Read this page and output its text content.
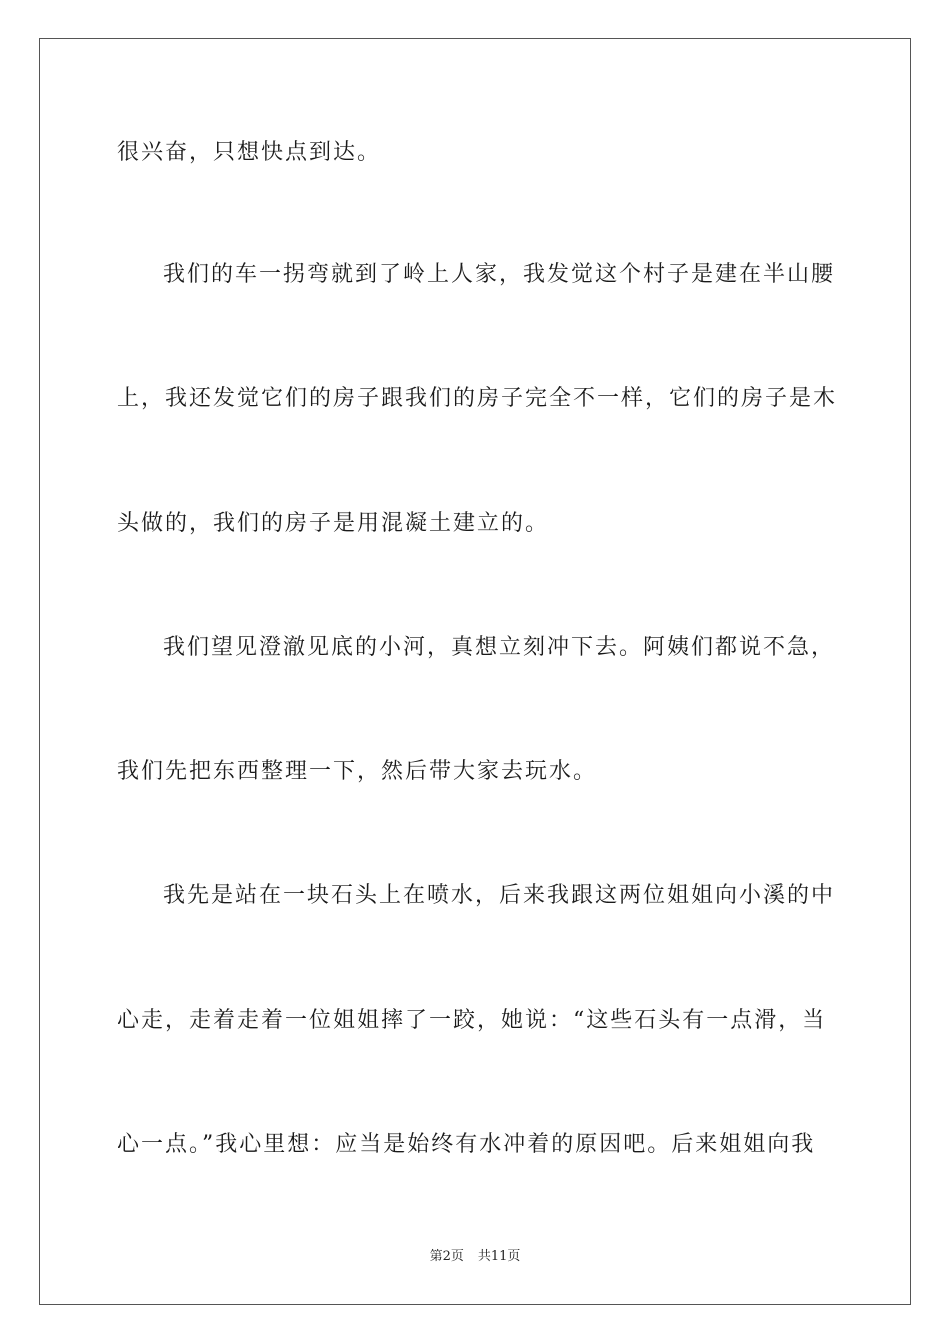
很兴奋，只想快点到达。
我们的车一拐弯就到了岭上人家，我发觉这个村子是建在半山腰
上，我还发觉它们的房子跟我们的房子完全不一样，它们的房子是木
头做的，我们的房子是用混凝土建立的。
我们望见澄澈见底的小河，真想立刻冲下去。阿姨们都说不急，
我们先把东西整理一下，然后带大家去玩水。
我先是站在一块石头上在喷水，后来我跟这两位姐姐向小溪的中
心走，走着走着一位姐姐摔了一跤，她说：“这些石头有一点滑，当
心一点。”我心里想：应当是始终有水冲着的原因吧。后来姐姐向我
第2页 共11页
